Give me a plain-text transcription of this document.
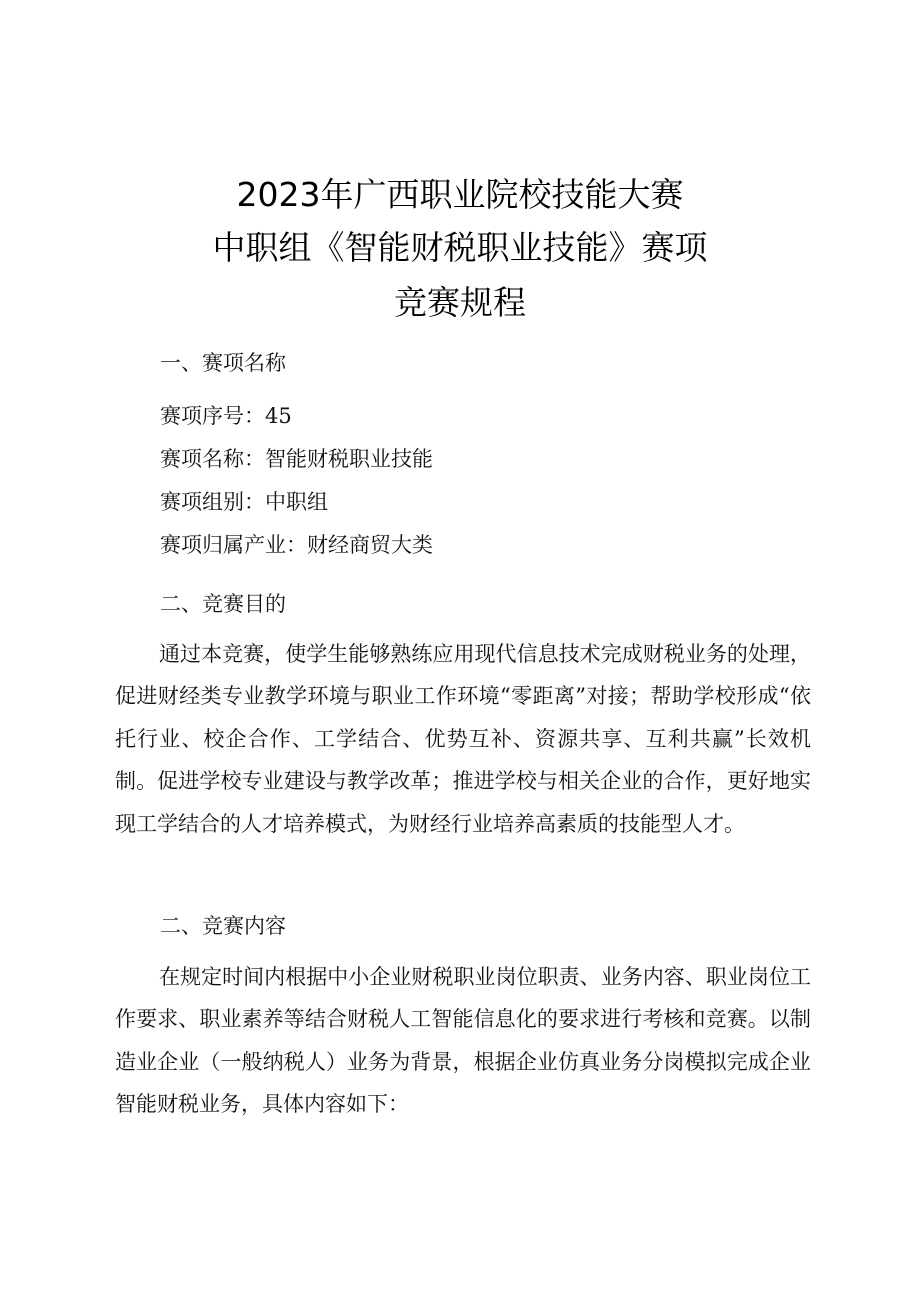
2023年广西职业院校技能大赛
中职组《智能财税职业技能》赛项
竞赛规程
一、赛项名称
赛项序号：45
赛项名称：智能财税职业技能
赛项组别：中职组
赛项归属产业：财经商贸大类
二、竞赛目的

通过本竞赛，使学生能够熟练应用现代信息技术完成财税业务的处理，促进财经类专业教学环境与职业工作环境“零距离”对接；帮助学校形成“依托行业、校企合作、工学结合、优势互补、资源共享、互利共赢”长效机制。促进学校专业建设与教学改革；推进学校与相关企业的合作，更好地实现工学结合的人才培养模式，为财经行业培养高素质的技能型人才。

二、竞赛内容

在规定时间内根据中小企业财税职业岗位职责、业务内容、职业岗位工作要求、职业素养等结合财税人工智能信息化的要求进行考核和竞赛。以制造业企业（一般纳税人）业务为背景，根据企业仿真业务分岗模拟完成企业智能财税业务，具体内容如下：
